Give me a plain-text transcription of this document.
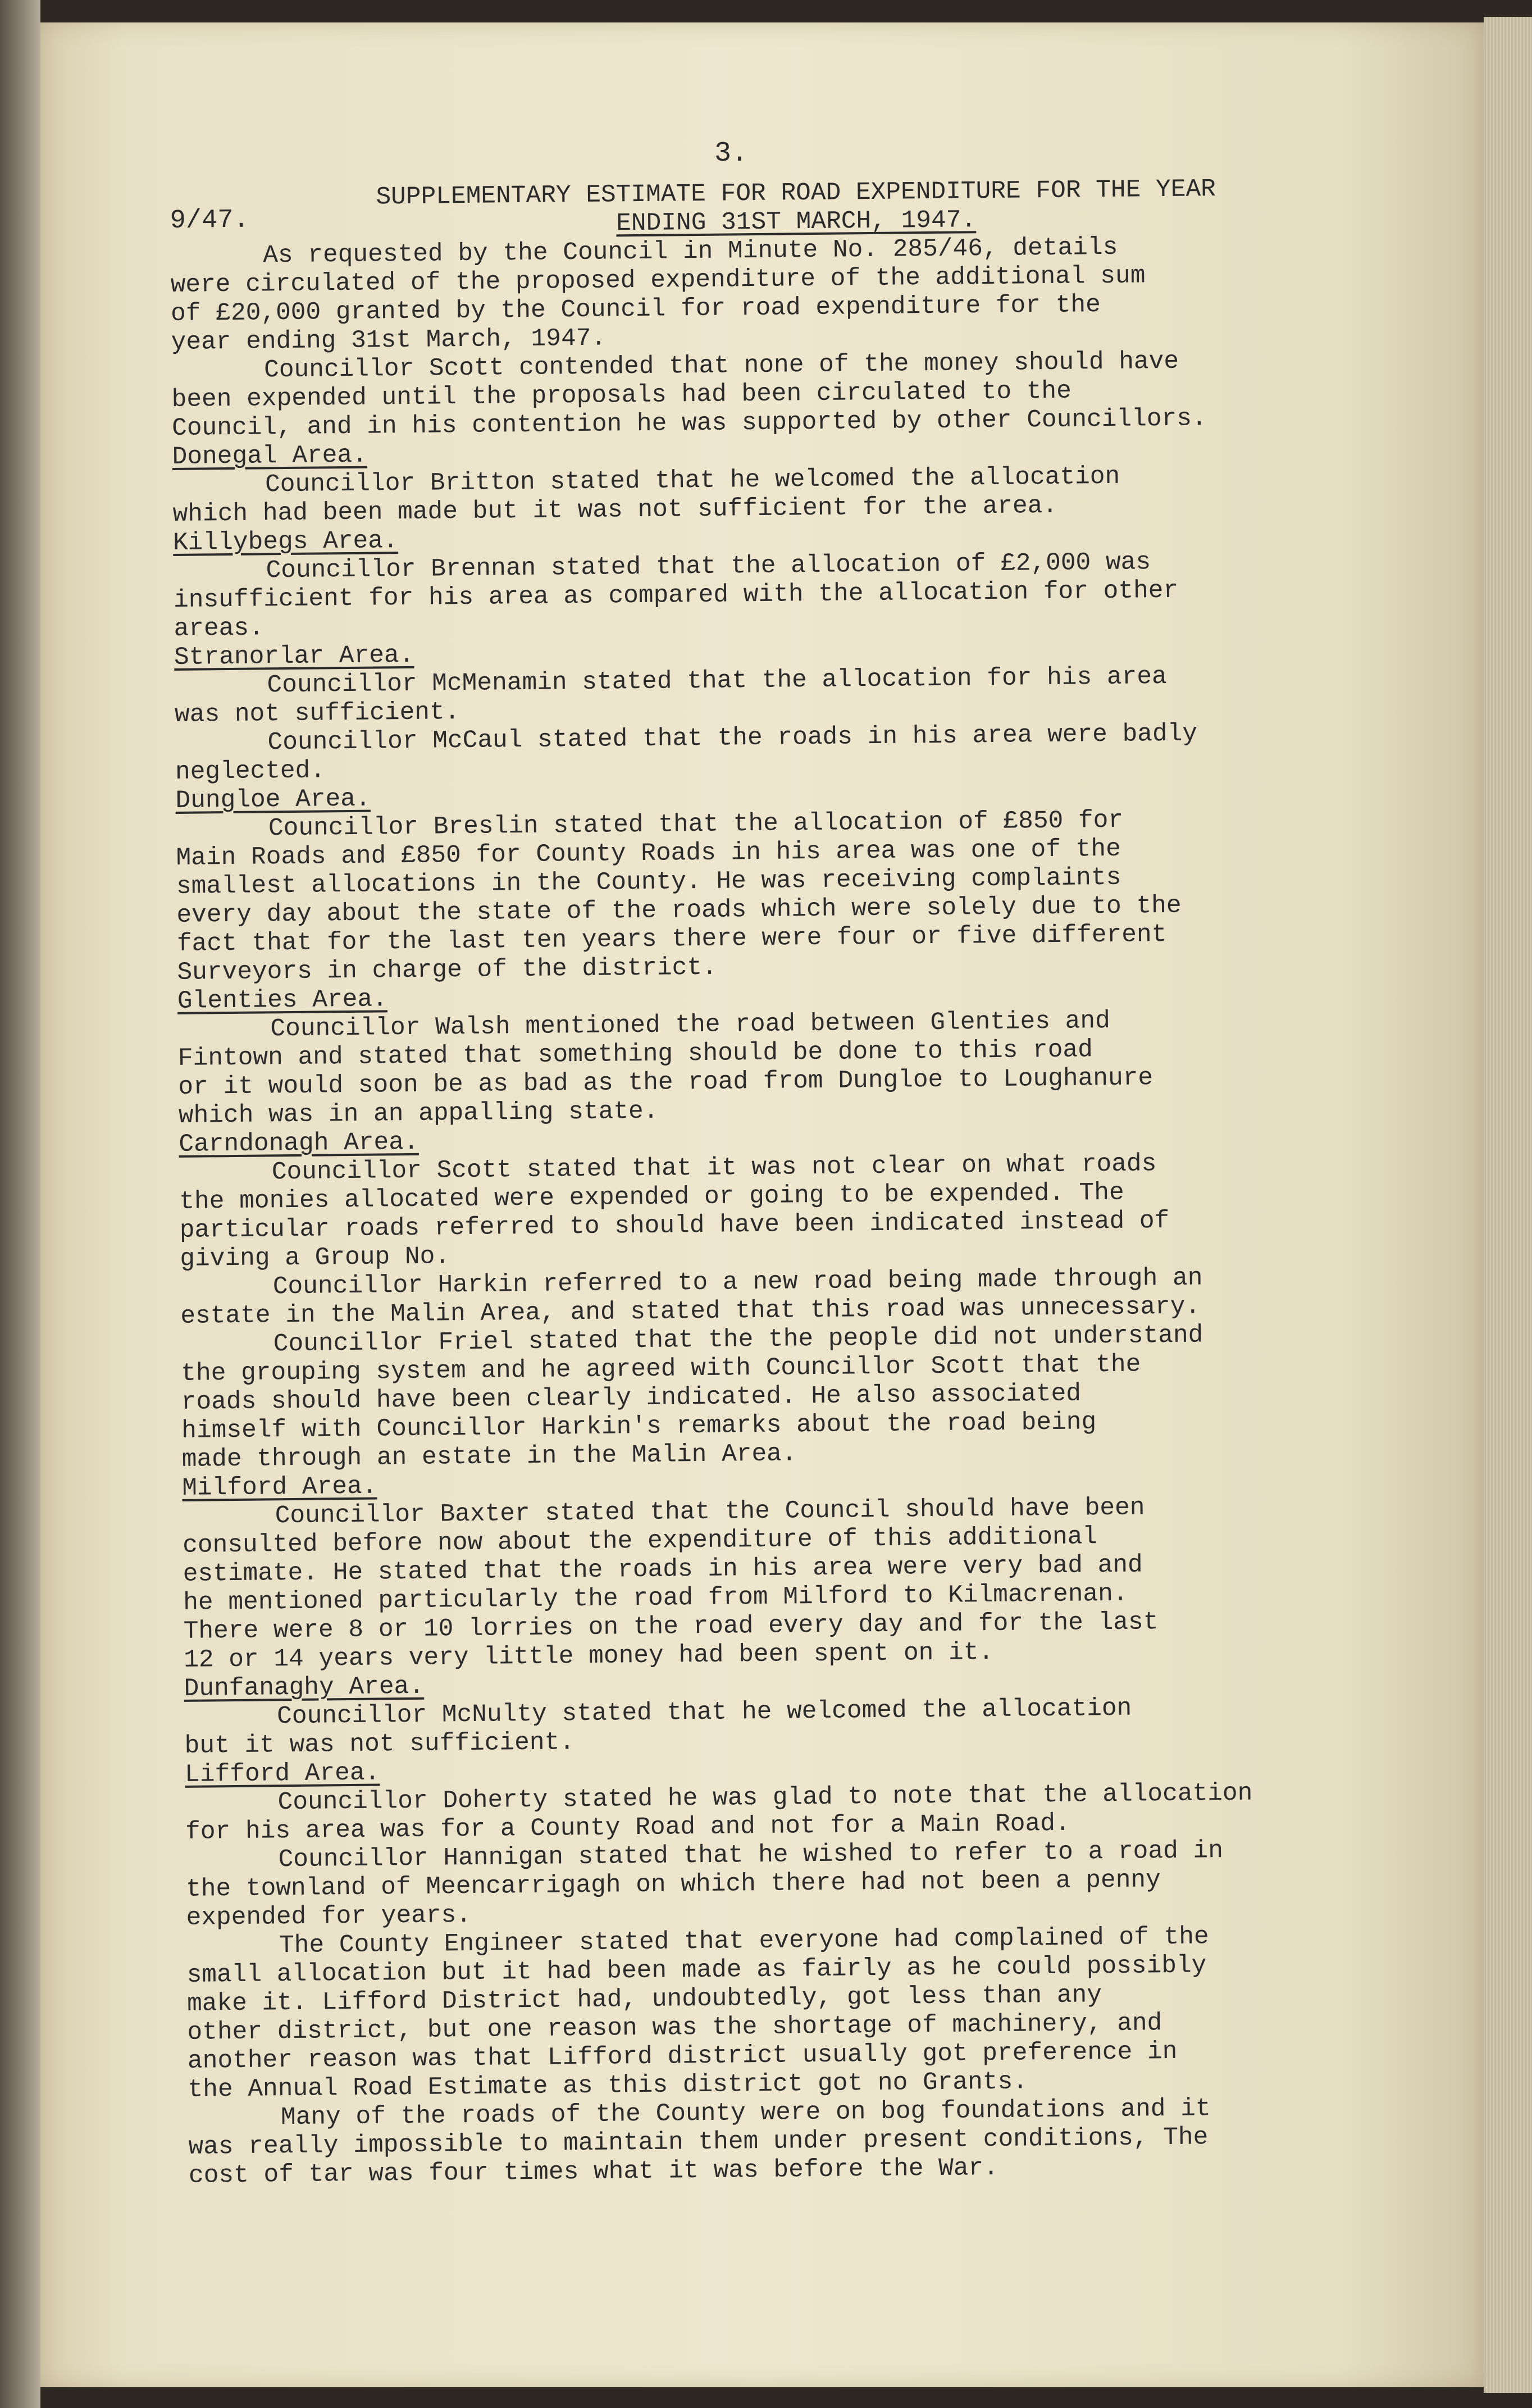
3.
9/47.
SUPPLEMENTARY ESTIMATE FOR ROAD EXPENDITURE FOR THE YEAR
ENDING 31ST MARCH, 1947.
As requested by the Council in Minute No. 285/46, details
were circulated of the proposed expenditure of the additional sum
of £20,000 granted by the Council for road expenditure for the
year ending 31st March, 1947.
Councillor Scott contended that none of the money should have
been expended until the proposals had been circulated to the
Council, and in his contention he was supported by other Councillors.
Donegal Area.
Councillor Britton stated that he welcomed the allocation
which had been made but it was not sufficient for the area.
Killybegs Area.
Councillor Brennan stated that the allocation of £2,000 was
insufficient for his area as compared with the allocation for other
areas.
Stranorlar Area.
Councillor McMenamin stated that the allocation for his area
was not sufficient.
Councillor McCaul stated that the roads in his area were badly
neglected.
Dungloe Area.
Councillor Breslin stated that the allocation of £850 for
Main Roads and £850 for County Roads in his area was one of the
smallest allocations in the County. He was receiving complaints
every day about the state of the roads which were solely due to the
fact that for the last ten years there were four or five different
Surveyors in charge of the district.
Glenties Area.
Councillor Walsh mentioned the road between Glenties and
Fintown and stated that something should be done to this road
or it would soon be as bad as the road from Dungloe to Loughanure
which was in an appalling state.
Carndonagh Area.
Councillor Scott stated that it was not clear on what roads
the monies allocated were expended or going to be expended. The
particular roads referred to should have been indicated instead of
giving a Group No.
Councillor Harkin referred to a new road being made through an
estate in the Malin Area, and stated that this road was unnecessary.
Councillor Friel stated that the the people did not understand
the grouping system and he agreed with Councillor Scott that the
roads should have been clearly indicated. He also associated
himself with Councillor Harkin's remarks about the road being
made through an estate in the Malin Area.
Milford Area.
Councillor Baxter stated that the Council should have been
consulted before now about the expenditure of this additional
estimate. He stated that the roads in his area were very bad and
he mentioned particularly the road from Milford to Kilmacrenan.
There were 8 or 10 lorries on the road every day and for the last
12 or 14 years very little money had been spent on it.
Dunfanaghy Area.
Councillor McNulty stated that he welcomed the allocation
but it was not sufficient.
Lifford Area.
Councillor Doherty stated he was glad to note that the allocation
for his area was for a County Road and not for a Main Road.
Councillor Hannigan stated that he wished to refer to a road in
the townland of Meencarrigagh on which there had not been a penny
expended for years.
The County Engineer stated that everyone had complained of the
small allocation but it had been made as fairly as he could possibly
make it. Lifford District had, undoubtedly, got less than any
other district, but one reason was the shortage of machinery, and
another reason was that Lifford district usually got preference in
the Annual Road Estimate as this district got no Grants.
Many of the roads of the County were on bog foundations and it
was really impossible to maintain them under present conditions, The
cost of tar was four times what it was before the War.
